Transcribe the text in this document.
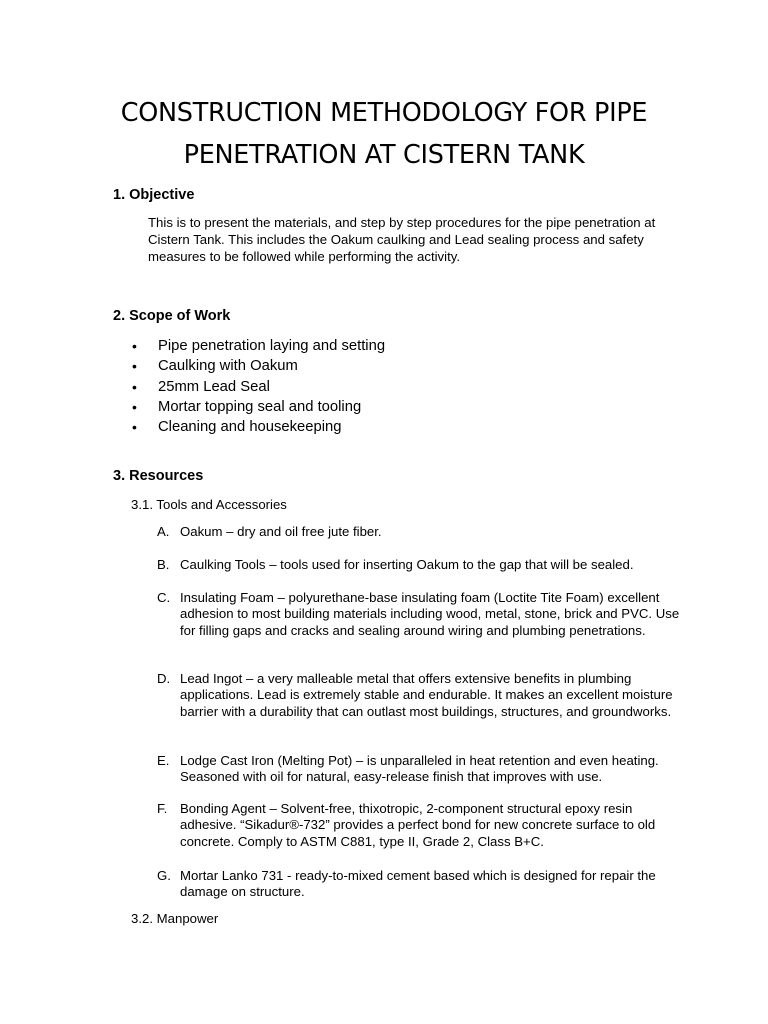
CONSTRUCTION METHODOLOGY FOR PIPE PENETRATION AT CISTERN TANK
1. Objective
This is to present the materials, and step by step procedures for the pipe penetration at Cistern Tank. This includes the Oakum caulking and Lead sealing process and safety measures to be followed while performing the activity.
2. Scope of Work
• Pipe penetration laying and setting
• Caulking with Oakum
• 25mm Lead Seal
• Mortar topping seal and tooling
• Cleaning and housekeeping
3. Resources
3.1. Tools and Accessories
A. Oakum – dry and oil free jute fiber.
B. Caulking Tools – tools used for inserting Oakum to the gap that will be sealed.
C. Insulating Foam – polyurethane-base insulating foam (Loctite Tite Foam) excellent adhesion to most building materials including wood, metal, stone, brick and PVC. Use for filling gaps and cracks and sealing around wiring and plumbing penetrations.
D. Lead Ingot – a very malleable metal that offers extensive benefits in plumbing applications. Lead is extremely stable and endurable. It makes an excellent moisture barrier with a durability that can outlast most buildings, structures, and groundworks.
E. Lodge Cast Iron (Melting Pot) – is unparalleled in heat retention and even heating. Seasoned with oil for natural, easy-release finish that improves with use.
F. Bonding Agent – Solvent-free, thixotropic, 2-component structural epoxy resin adhesive. “Sikadur®-732” provides a perfect bond for new concrete surface to old concrete. Comply to ASTM C881, type II, Grade 2, Class B+C.
G. Mortar Lanko 731 - ready-to-mixed cement based which is designed for repair the damage on structure.
3.2. Manpower
